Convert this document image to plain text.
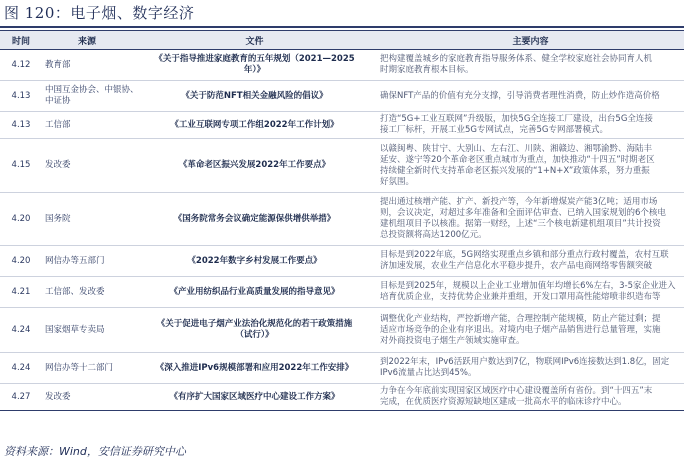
图 120：电子烟、数字经济
时间	来源	文件	主要内容
4.12	教育部	《关于指导推进家庭教育的五年规划（2021—2025
年）》	把构建覆盖城乡的家庭教育指导服务体系、健全学校家庭社会协同育人机
时期家庭教育根本目标。

4.13	中国互金协会、中银协、
中证协	《关于防范NFT相关金融风险的倡议》	确保NFT产品的价值有充分支撑，引导消费者理性消费，防止炒作造高价格

4.13	工信部	《工业互联网专项工作组2022年工作计划》	打造“5G+工业互联网”升级版，加快5G全连接工厂建设，出台5G全连接
接工厂标杆，开展工业5G专网试点，完善5G专网部署模式。

4.15	发改委	《革命老区振兴发展2022年工作要点》	以赣闽粤、陕甘宁、大别山、左右江、川陕、湘赣边、湘鄂渝黔、海陆丰
延安、遂宁等20个革命老区重点城市为重点，加快推动“十四五”时期老区
持续健全新时代支持革命老区振兴发展的“1+N+X”政策体系，努力重振
好氛围。

4.20	国务院	《国务院常务会议确定能源保供增供举措》	提出通过核增产能、扩产、新投产等，今年新增煤炭产能3亿吨；适用市场
则，会议决定，对超过多年准备和全面评估审查、已纳入国家规划的6个核电
建机组项目予以核准。据第一财经，上述“三个核电新建机组项目”共计投资
总投资额将高达1200亿元。

4.20	网信办等五部门	《2022年数字乡村发展工作要点》	目标是到2022年底，5G网络实现重点乡镇和部分重点行政村覆盖，农村互联
济加速发展，农业生产信息化水平稳步提升，农产品电商网络零售额突破

4.21	工信部、发改委	《产业用纺织品行业高质量发展的指导意见》	目标是到2025年，规模以上企业工业增加值年均增长6%左右，3-5家企业进入
培育优质企业，支持优势企业兼并重组，开发口罩用高性能熔喷非织造布等

4.24	国家烟草专卖局	《关于促进电子烟产业法治化规范化的若干政策措施
（试行）》	调整优化产业结构，严控新增产能，合理控制产能规模，防止产能过剩；提
适应市场竞争的企业有序退出。对境内电子烟产品销售进行总量管理，实施
对外商投资电子烟生产领域实施审查。

4.24	网信办等十二部门	《深入推进IPv6规模部署和应用2022年工作安排》	到2022年末，IPv6活跃用户数达到7亿，物联网IPv6连接数达到1.8亿，固定
IPv6流量占比达到45%。

4.27	发改委	《有序扩大国家区域医疗中心建设工作方案》	力争在今年底前实现国家区域医疗中心建设覆盖所有省份。到“十四五”末
完成，在优质医疗资源短缺地区建成一批高水平的临床诊疗中心。
资料来源：Wind，安信证券研究中心
